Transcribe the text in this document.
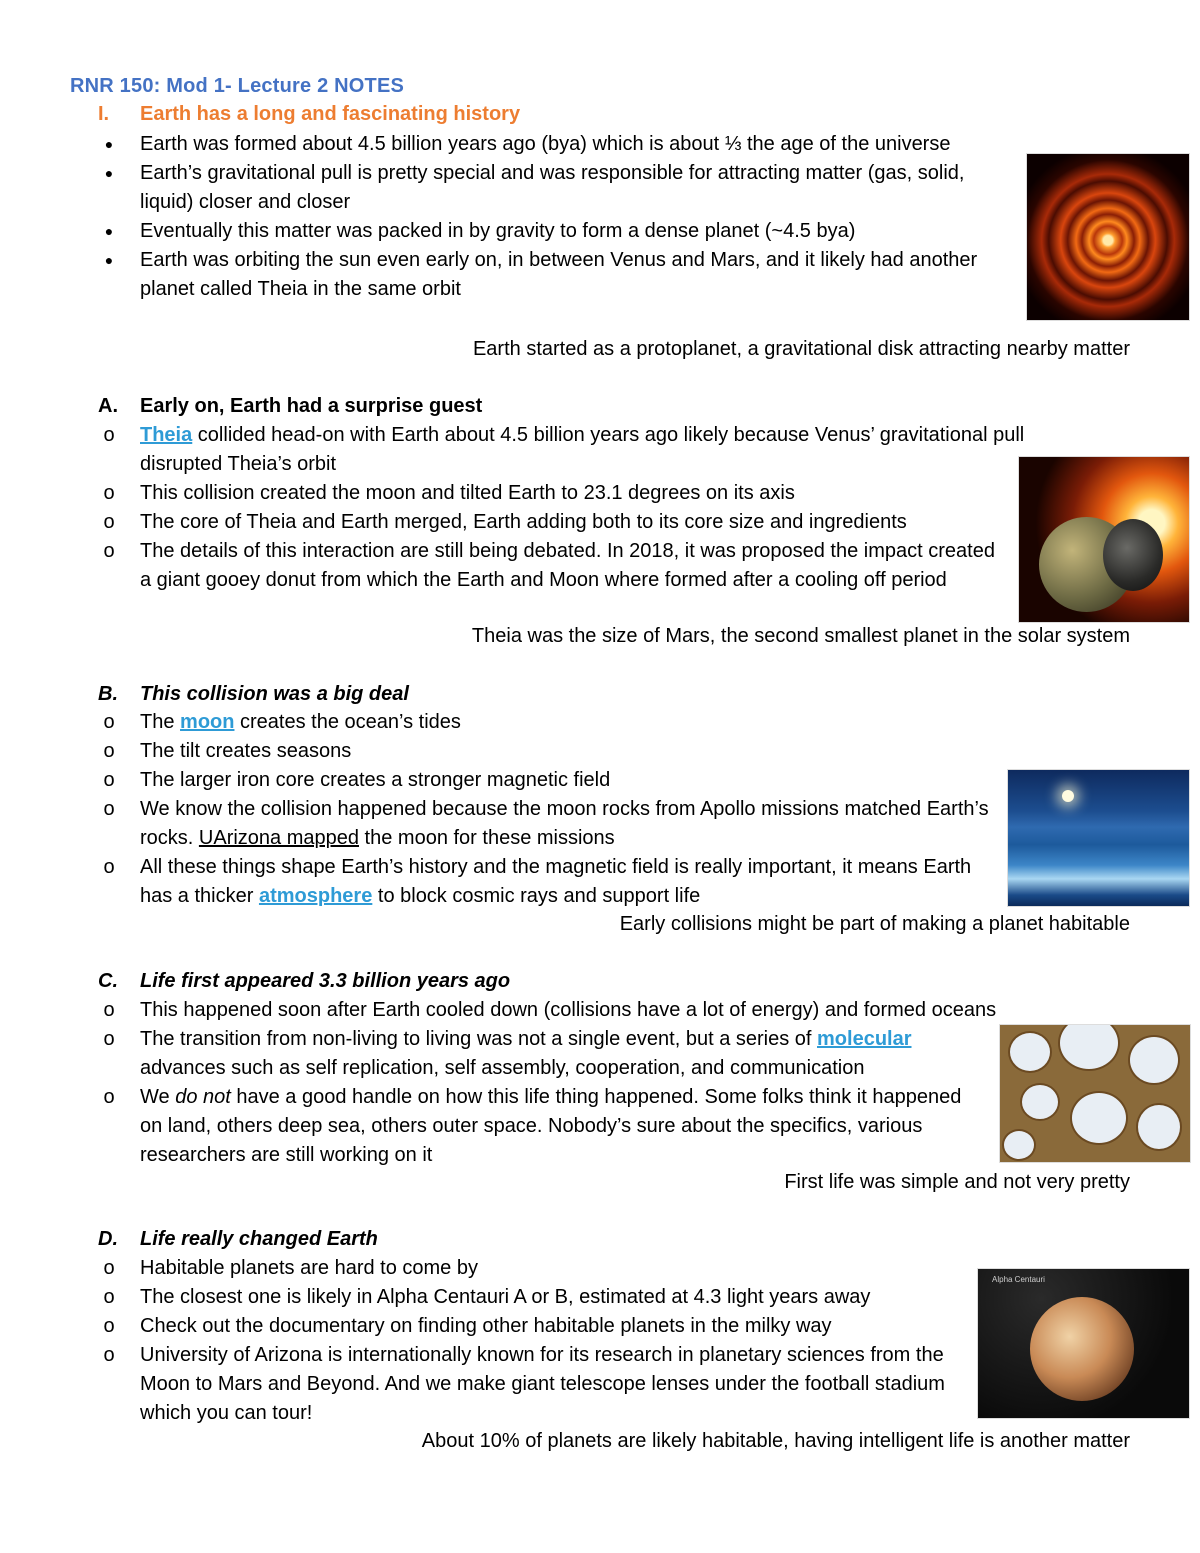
RNR 150: Mod 1- Lecture 2 NOTES
I. Earth has a long and fascinating history
●	Earth was formed about 4.5 billion years ago (bya) which is about ⅓ the age of the universe
●	Earth’s gravitational pull is pretty special and was responsible for attracting matter (gas, solid, liquid) closer and closer
●	Eventually this matter was packed in by gravity to form a dense planet (~4.5 bya)
●	Earth was orbiting the sun even early on, in between Venus and Mars, and it likely had another planet called Theia in the same orbit
Earth started as a protoplanet, a gravitational disk attracting nearby matter
A. Early on, Earth had a surprise guest
o Theia collided head-on with Earth about 4.5 billion years ago likely because Venus’ gravitational pull disrupted Theia’s orbit
o This collision created the moon and tilted Earth to 23.1 degrees on its axis
o The core of Theia and Earth merged, Earth adding both to its core size and ingredients
o The details of this interaction are still being debated. In 2018, it was proposed the impact created a giant gooey donut from which the Earth and Moon where formed after a cooling off period
Theia was the size of Mars, the second smallest planet in the solar system
B. This collision was a big deal
o The moon creates the ocean’s tides
o The tilt creates seasons
o The larger iron core creates a stronger magnetic field
o We know the collision happened because the moon rocks from Apollo missions matched Earth’s rocks. UArizona mapped the moon for these missions
o All these things shape Earth’s history and the magnetic field is really important, it means Earth has a thicker atmosphere to block cosmic rays and support life
Early collisions might be part of making a planet habitable
C. Life first appeared 3.3 billion years ago
o This happened soon after Earth cooled down (collisions have a lot of energy) and formed oceans
o The transition from non-living to living was not a single event, but a series of molecular advances such as self replication, self assembly, cooperation, and communication
o We do not have a good handle on how this life thing happened. Some folks think it happened on land, others deep sea, others outer space. Nobody’s sure about the specifics, various researchers are still working on it
First life was simple and not very pretty
D. Life really changed Earth
o Habitable planets are hard to come by
o The closest one is likely in Alpha Centauri A or B, estimated at 4.3 light years away
o Check out the documentary on finding other habitable planets in the milky way
o University of Arizona is internationally known for its research in planetary sciences from the Moon to Mars and Beyond. And we make giant telescope lenses under the football stadium which you can tour!
About 10% of planets are likely habitable, having intelligent life is another matter
Alpha Centauri
